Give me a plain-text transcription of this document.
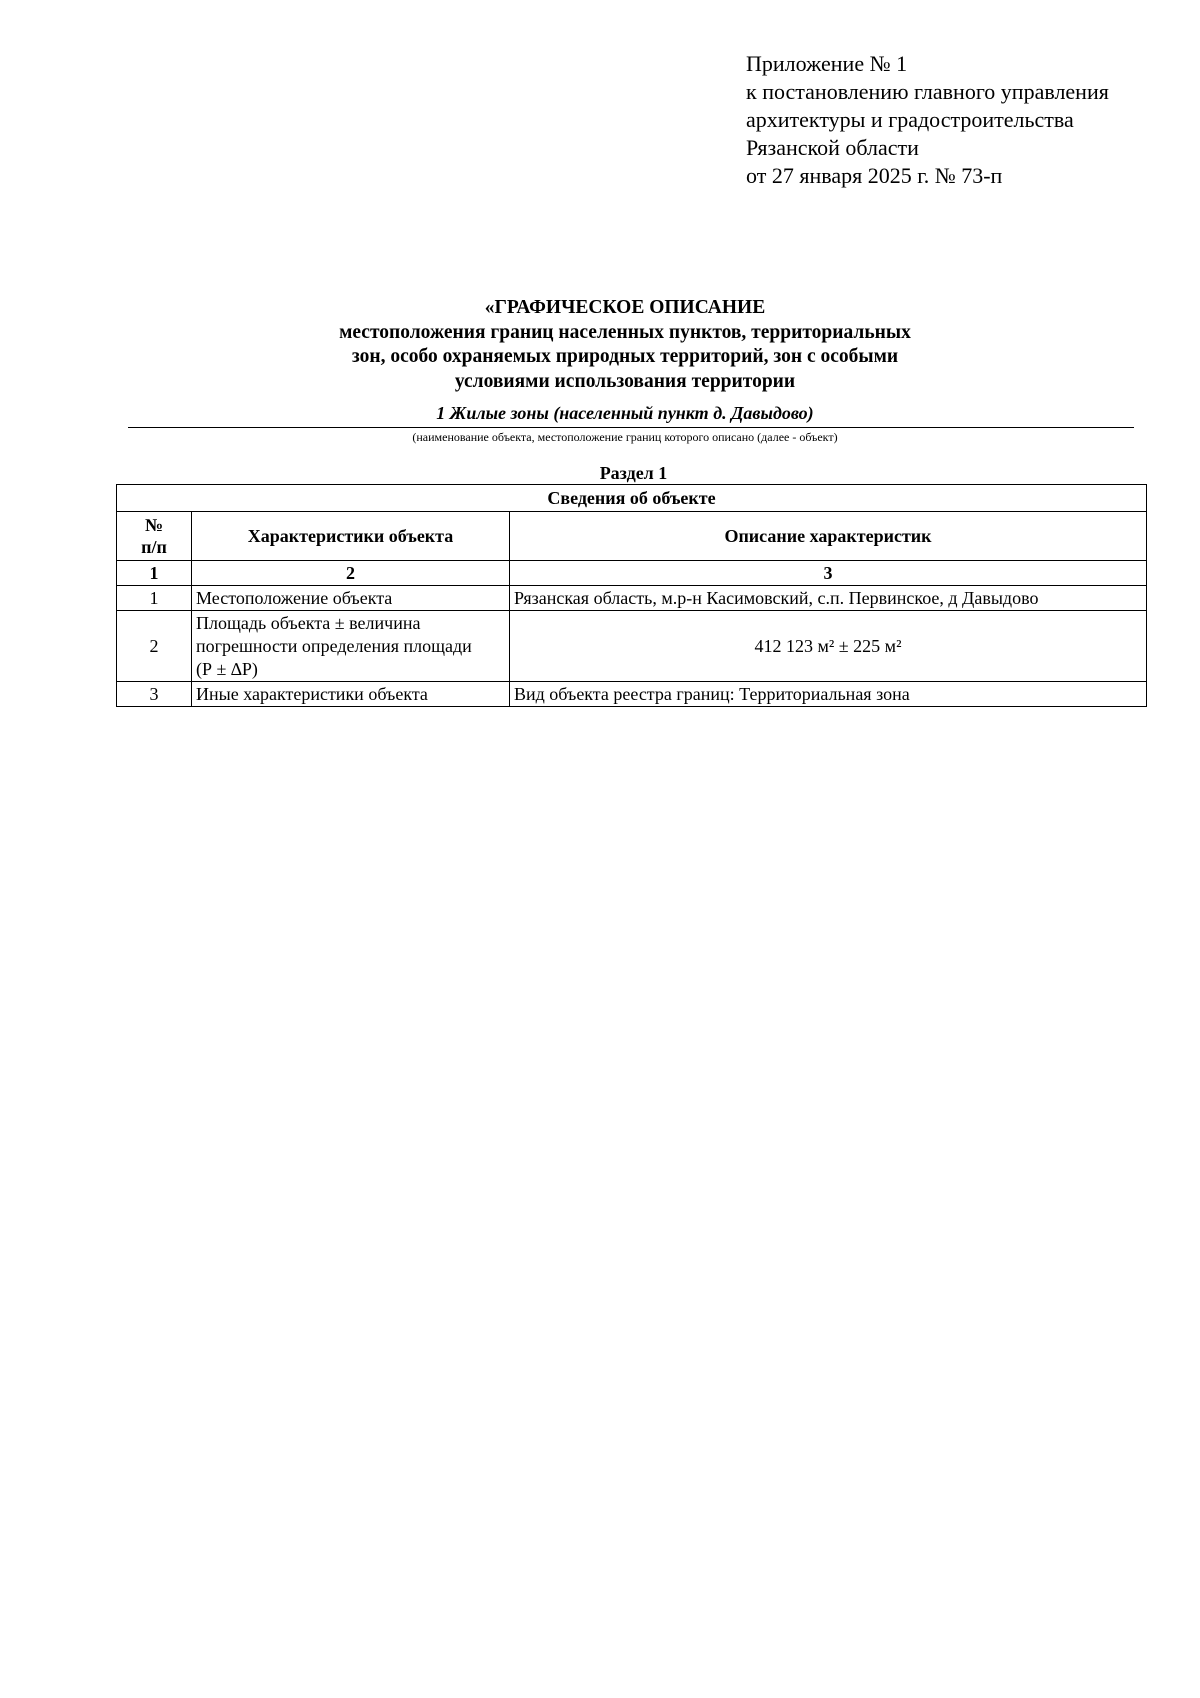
Приложение № 1
к постановлению главного управления
архитектуры и градостроительства
Рязанской области
от 27 января 2025 г. № 73-п
«ГРАФИЧЕСКОЕ ОПИСАНИЕ
местоположения границ населенных пунктов, территориальных
зон, особо охраняемых природных территорий, зон с особыми
условиями использования территории
1 Жилые зоны (населенный пункт д. Давыдово)
(наименование объекта, местоположение границ которого описано (далее - объект)
Раздел 1
Сведения об объекте		

№
п/п	Характеристики объекта	Описание характеристик
1	2	3
1	Местоположение объекта	Рязанская область, м.р-н Касимовский, с.п. Первинское, д Давыдово
2	Площадь объекта ± величина
погрешности определения площади
(Р ± ∆Р)	412 123 м² ± 225 м²
3	Иные характеристики объекта	Вид объекта реестра границ: Территориальная зона
